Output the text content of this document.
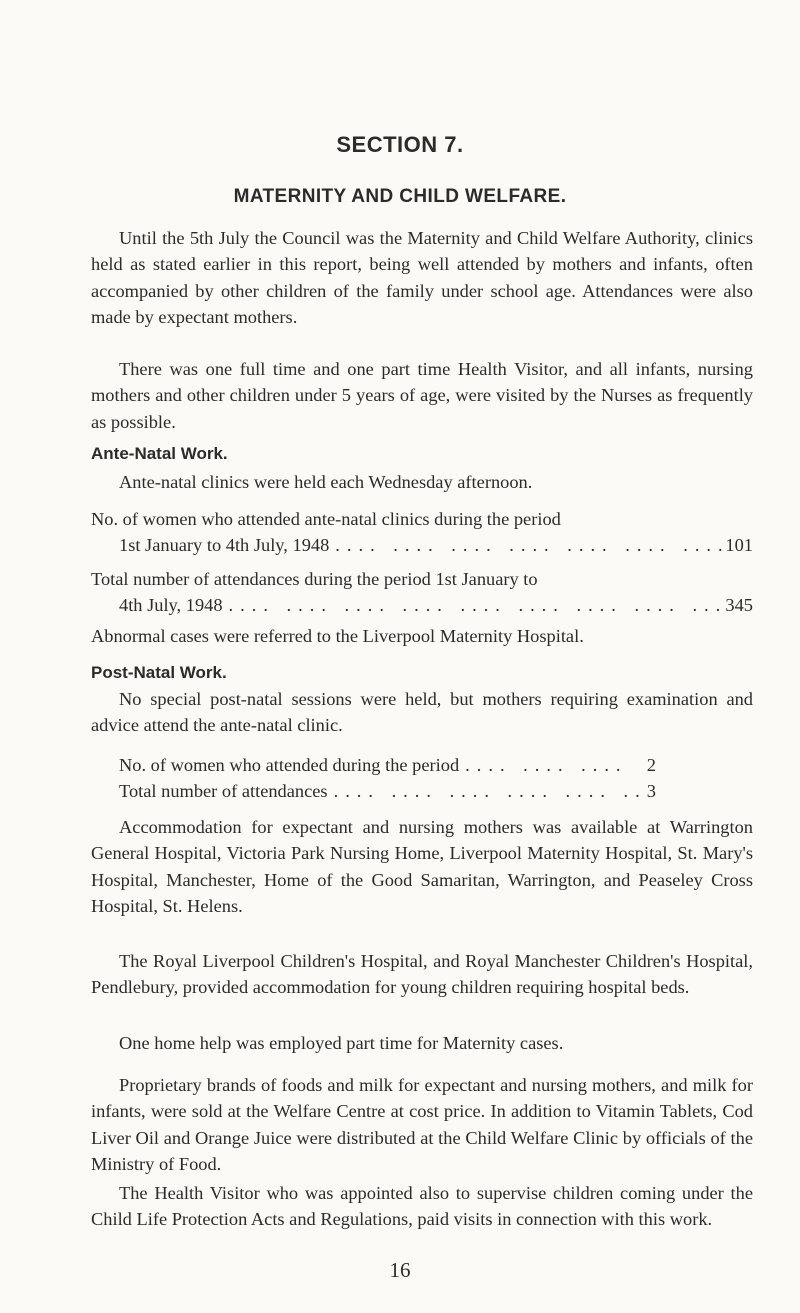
SECTION 7.
MATERNITY AND CHILD WELFARE.

Until the 5th July the Council was the Maternity and Child Welfare Authority, clinics held as stated earlier in this report, being well attended by mothers and infants, often accompanied by other children of the family under school age. Attendances were also made by expectant mothers.

There was one full time and one part time Health Visitor, and all infants, nursing mothers and other children under 5 years of age, were visited by the Nurses as frequently as possible.

Ante-Natal Work.

Ante-natal clinics were held each Wednesday afternoon.

No. of women who attended ante-natal clinics during the period
1st January to 4th July, 1948 ....	101
Total number of attendances during the period 1st January to
4th July, 1948 ....	345

Abnormal cases were referred to the Liverpool Maternity Hospital.

Post-Natal Work.

No special post-natal sessions were held, but mothers requiring examination and advice attend the ante-natal clinic.

No. of women who attended during the period ....	2
Total number of attendances ....	3

Accommodation for expectant and nursing mothers was available at Warrington General Hospital, Victoria Park Nursing Home, Liverpool Maternity Hospital, St. Mary's Hospital, Manchester, Home of the Good Samaritan, Warrington, and Peaseley Cross Hospital, St. Helens.

The Royal Liverpool Children's Hospital, and Royal Manchester Children's Hospital, Pendlebury, provided accommodation for young children requiring hospital beds.

One home help was employed part time for Maternity cases.

Proprietary brands of foods and milk for expectant and nursing mothers, and milk for infants, were sold at the Welfare Centre at cost price. In addition to Vitamin Tablets, Cod Liver Oil and Orange Juice were distributed at the Child Welfare Clinic by officials of the Ministry of Food.

The Health Visitor who was appointed also to supervise children coming under the Child Life Protection Acts and Regulations, paid visits in connection with this work.

16
